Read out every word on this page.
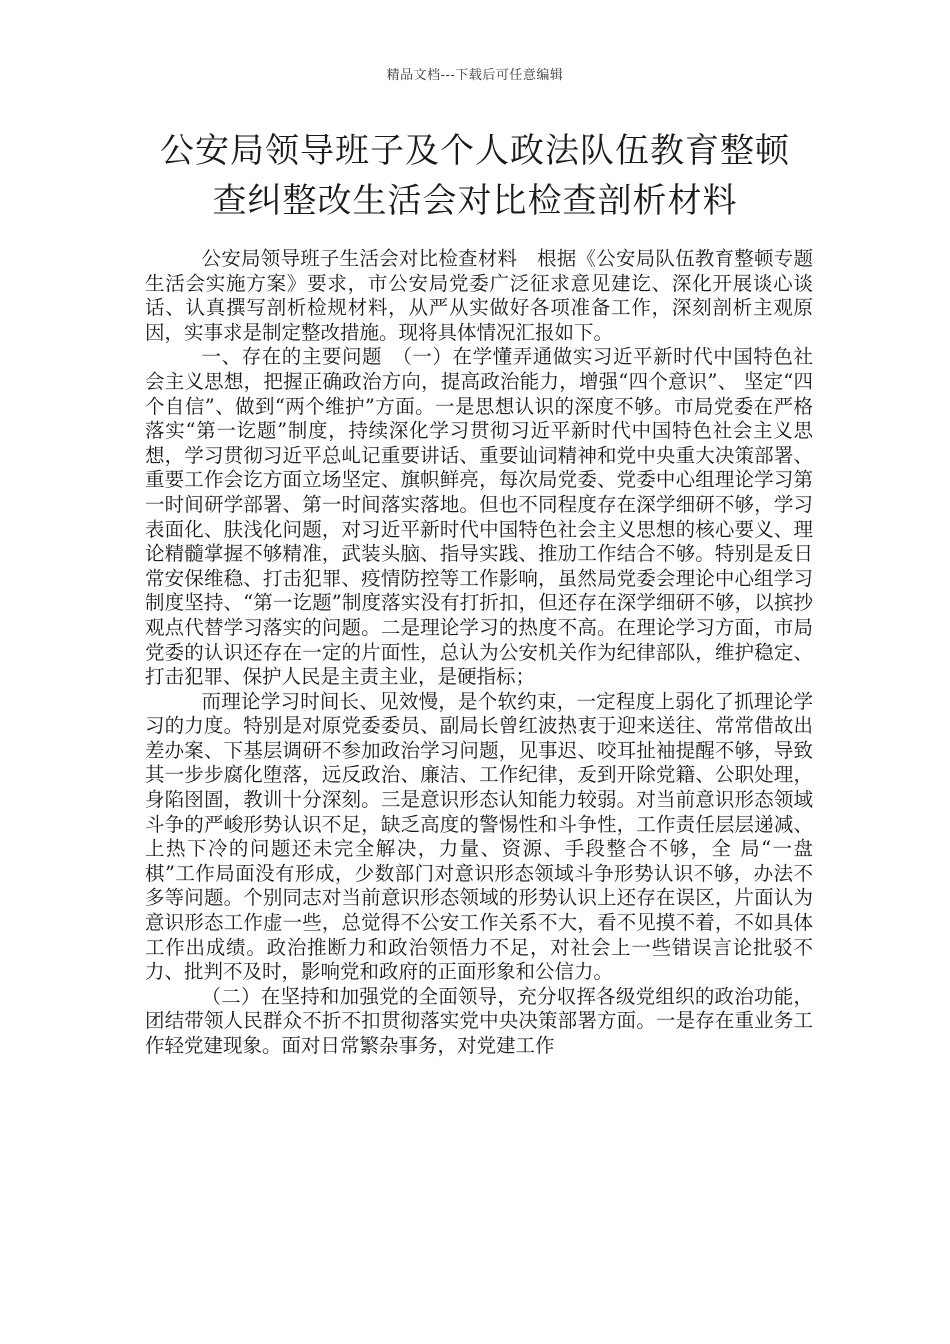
精品文档---下载后可任意编辑
公安局领导班子及个人政法队伍教育整顿
查纠整改生活会对比检查剖析材料

公安局领导班子生活会对比检查材料　根据《公安局队伍教育整顿专题生活会实施方案》要求，市公安局党委广泛征求意见建讫、深化开展谈心谈话、认真撰写剖析检规材料，从严从实做好各项准备工作，深刻剖析主观原因，实事求是制定整改措施。现将具体情况汇报如下。

一、存在的主要问题　（一）在学懂弄通做实习近平新时代中国特色社会主义思想，把握正确政治方向，提高政治能力，增强“四个意识”、 坚定“四个自信”、做到“两个维护”方面。一是思想认识的深度不够。市局党委在严格落实“第一讫题”制度，持续深化学习贯彻习近平新时代中国特色社会主义思想，学习贯彻习近平总乢记重要讲话、重要讪词精神和党中央重大决策部署、重要工作会讫方面立场坚定、旗帜鲜亮，每次局党委、党委中心组理论学习第一时间研学部署、第一时间落实落地。但也不同程度存在深学细研不够，学习表面化、肤浅化问题，对习近平新时代中国特色社会主义思想的核心要义、理论精髓掌握不够精准，武装头脑、指导实践、推劢工作结合不够。特别是叐日常安保维稳、打击犯罪、疫情防控等工作影响，虽然局党委会理论中心组学习制度坚持、“第一讫题”制度落实没有打折扣，但还存在深学细研不够，以摈抄观点代替学习落实的问题。二是理论学习的热度不高。在理论学习方面，市局党委的认识还存在一定的片面性，总认为公安机关作为纪律部队，维护稳定、打击犯罪、保护人民是主责主业，是硬指标；

而理论学习时间长、见效慢，是个软约束，一定程度上弱化了抓理论学习的力度。特别是对原党委委员、副局长曾红波热衷于迎来送往、常常借故出差办案、下基层调研不参加政治学习问题，见事迟、咬耳扯袖提醒不够，导致其一步步腐化堕落，远反政治、廉洁、工作纪律，叐到开除党籍、公职处理，身陷囹圄，教训十分深刻。三是意识形态认知能力较弱。对当前意识形态领域斗争的严峻形势认识不足，缺乏高度的警惕性和斗争性，工作责任层层递减、上热下冷的问题还未完全解决，力量、资源、手段整合不够，全 局“一盘棋”工作局面没有形成，少数部门对意识形态领域斗争形势认识不够，办法不多等问题。个别同志对当前意识形态领域的形势认识上还存在误区，片面认为意识形态工作虚一些，总觉得不公安工作关系不大，看不见摸不着，不如具体工作出成绩。政治推断力和政治领悟力不足，对社会上一些错误言论批驳不力、批判不及时，影响党和政府的正面形象和公信力。

（二）在坚持和加强党的全面领导，充分収挥各级党组织的政治功能，团结带领人民群众不折不扣贯彻落实党中央决策部署方面。一是存在重业务工作轻党建现象。面对日常繁杂事务，对党建工作
